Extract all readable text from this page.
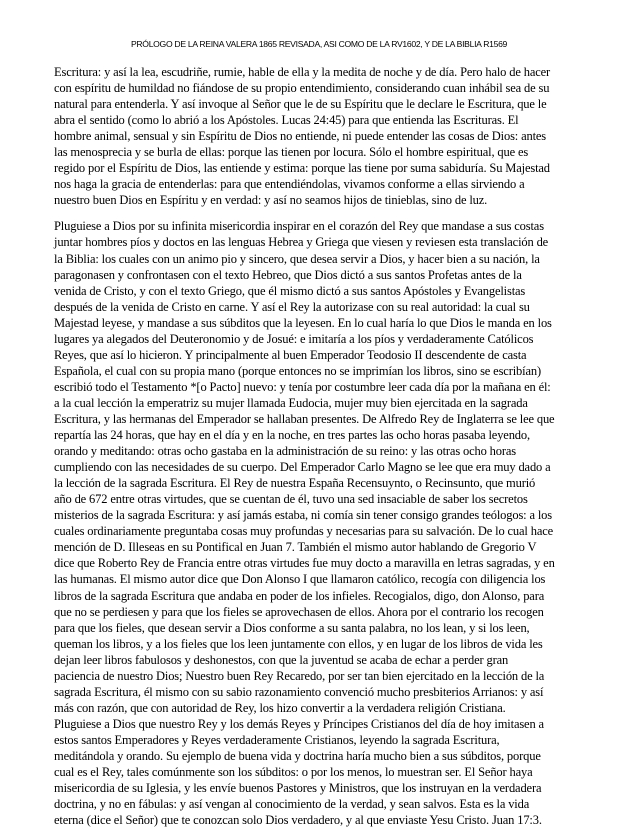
PRÓLOGO DE LA REINA VALERA 1865 REVISADA, ASI COMO DE LA RV1602, Y DE LA BIBLIA R1569

Escritura: y así la lea, escudriñe, rumie, hable de ella y la medita de noche y de día. Pero halo de hacer
con espíritu de humildad no fiándose de su propio entendimiento, considerando cuan inhábil sea de su
natural para entenderla. Y así invoque al Señor que le de su Espíritu que le declare le Escritura, que le
abra el sentido (como lo abrió a los Apóstoles. Lucas 24:45) para que entienda las Escrituras. El
hombre animal, sensual y sin Espíritu de Dios no entiende, ni puede entender las cosas de Dios: antes
las menosprecia y se burla de ellas: porque las tienen por locura. Sólo el hombre espiritual, que es
regido por el Espíritu de Dios, las entiende y estima: porque las tiene por suma sabiduría. Su Majestad
nos haga la gracia de entenderlas: para que entendiéndolas, vivamos conforme a ellas sirviendo a
nuestro buen Dios en Espíritu y en verdad: y así no seamos hijos de tinieblas, sino de luz.

Pluguiese a Dios por su infinita misericordia inspirar en el corazón del Rey que mandase a sus costas
juntar hombres píos y doctos en las lenguas Hebrea y Griega que viesen y reviesen esta translación de
la Biblia: los cuales con un animo pio y sincero, que desea servir a Dios, y hacer bien a su nación, la
paragonasen y confrontasen con el texto Hebreo, que Dios dictó a sus santos Profetas antes de la
venida de Cristo, y con el texto Griego, que él mismo dictó a sus santos Apóstoles y Evangelistas
después de la venida de Cristo en carne. Y así el Rey la autorizase con su real autoridad: la cual su
Majestad leyese, y mandase a sus súbditos que la leyesen. En lo cual haría lo que Dios le manda en los
lugares ya alegados del Deuteronomio y de Josué: e imitaría a los píos y verdaderamente Católicos
Reyes, que así lo hicieron. Y principalmente al buen Emperador Teodosio II descendente de casta
Española, el cual con su propia mano (porque entonces no se imprimían los libros, sino se escribían)
escribió todo el Testamento *[o Pacto] nuevo: y tenía por costumbre leer cada día por la mañana en él:
a la cual lección la emperatriz su mujer llamada Eudocia, mujer muy bien ejercitada en la sagrada
Escritura, y las hermanas del Emperador se hallaban presentes. De Alfredo Rey de Inglaterra se lee que
repartía las 24 horas, que hay en el día y en la noche, en tres partes las ocho horas pasaba leyendo,
orando y meditando: otras ocho gastaba en la administración de su reino: y las otras ocho horas
cumpliendo con las necesidades de su cuerpo. Del Emperador Carlo Magno se lee que era muy dado a
la lección de la sagrada Escritura. El Rey de nuestra España Recensuynto, o Recinsunto, que murió
año de 672 entre otras virtudes, que se cuentan de él, tuvo una sed insaciable de saber los secretos
misterios de la sagrada Escritura: y así jamás estaba, ni comía sin tener consigo grandes teólogos: a los
cuales ordinariamente preguntaba cosas muy profundas y necesarias para su salvación. De lo cual hace
mención de D. Illeseas en su Pontifical en Juan 7. También el mismo autor hablando de Gregorio V
dice que Roberto Rey de Francia entre otras virtudes fue muy docto a maravilla en letras sagradas, y en
las humanas. El mismo autor dice que Don Alonso I que llamaron católico, recogía con diligencia los
libros de la sagrada Escritura que andaba en poder de los infieles. Recogialos, digo, don Alonso, para
que no se perdiesen y para que los fieles se aprovechasen de ellos. Ahora por el contrario los recogen
para que los fieles, que desean servir a Dios conforme a su santa palabra, no los lean, y si los leen,
queman los libros, y a los fieles que los leen juntamente con ellos, y en lugar de los libros de vida les
dejan leer libros fabulosos y deshonestos, con que la juventud se acaba de echar a perder gran
paciencia de nuestro Dios; Nuestro buen Rey Recaredo, por ser tan bien ejercitado en la lección de la
sagrada Escritura, él mismo con su sabio razonamiento convenció mucho presbiterios Arrianos: y así
más con razón, que con autoridad de Rey, los hizo convertir a la verdadera religión Cristiana.

Pluguiese a Dios que nuestro Rey y los demás Reyes y Príncipes Cristianos del día de hoy imitasen a
estos santos Emperadores y Reyes verdaderamente Cristianos, leyendo la sagrada Escritura,
meditándola y orando. Su ejemplo de buena vida y doctrina haría mucho bien a sus súbditos, porque
cual es el Rey, tales comúnmente son los súbditos: o por los menos, lo muestran ser. El Señor haya
misericordia de su Iglesia, y les envíe buenos Pastores y Ministros, que los instruyan en la verdadera
doctrina, y no en fábulas: y así vengan al conocimiento de la verdad, y sean salvos. Esta es la vida
eterna (dice el Señor) que te conozcan solo Dios verdadero, y al que enviaste Yesu Cristo. Juan 17:3.
